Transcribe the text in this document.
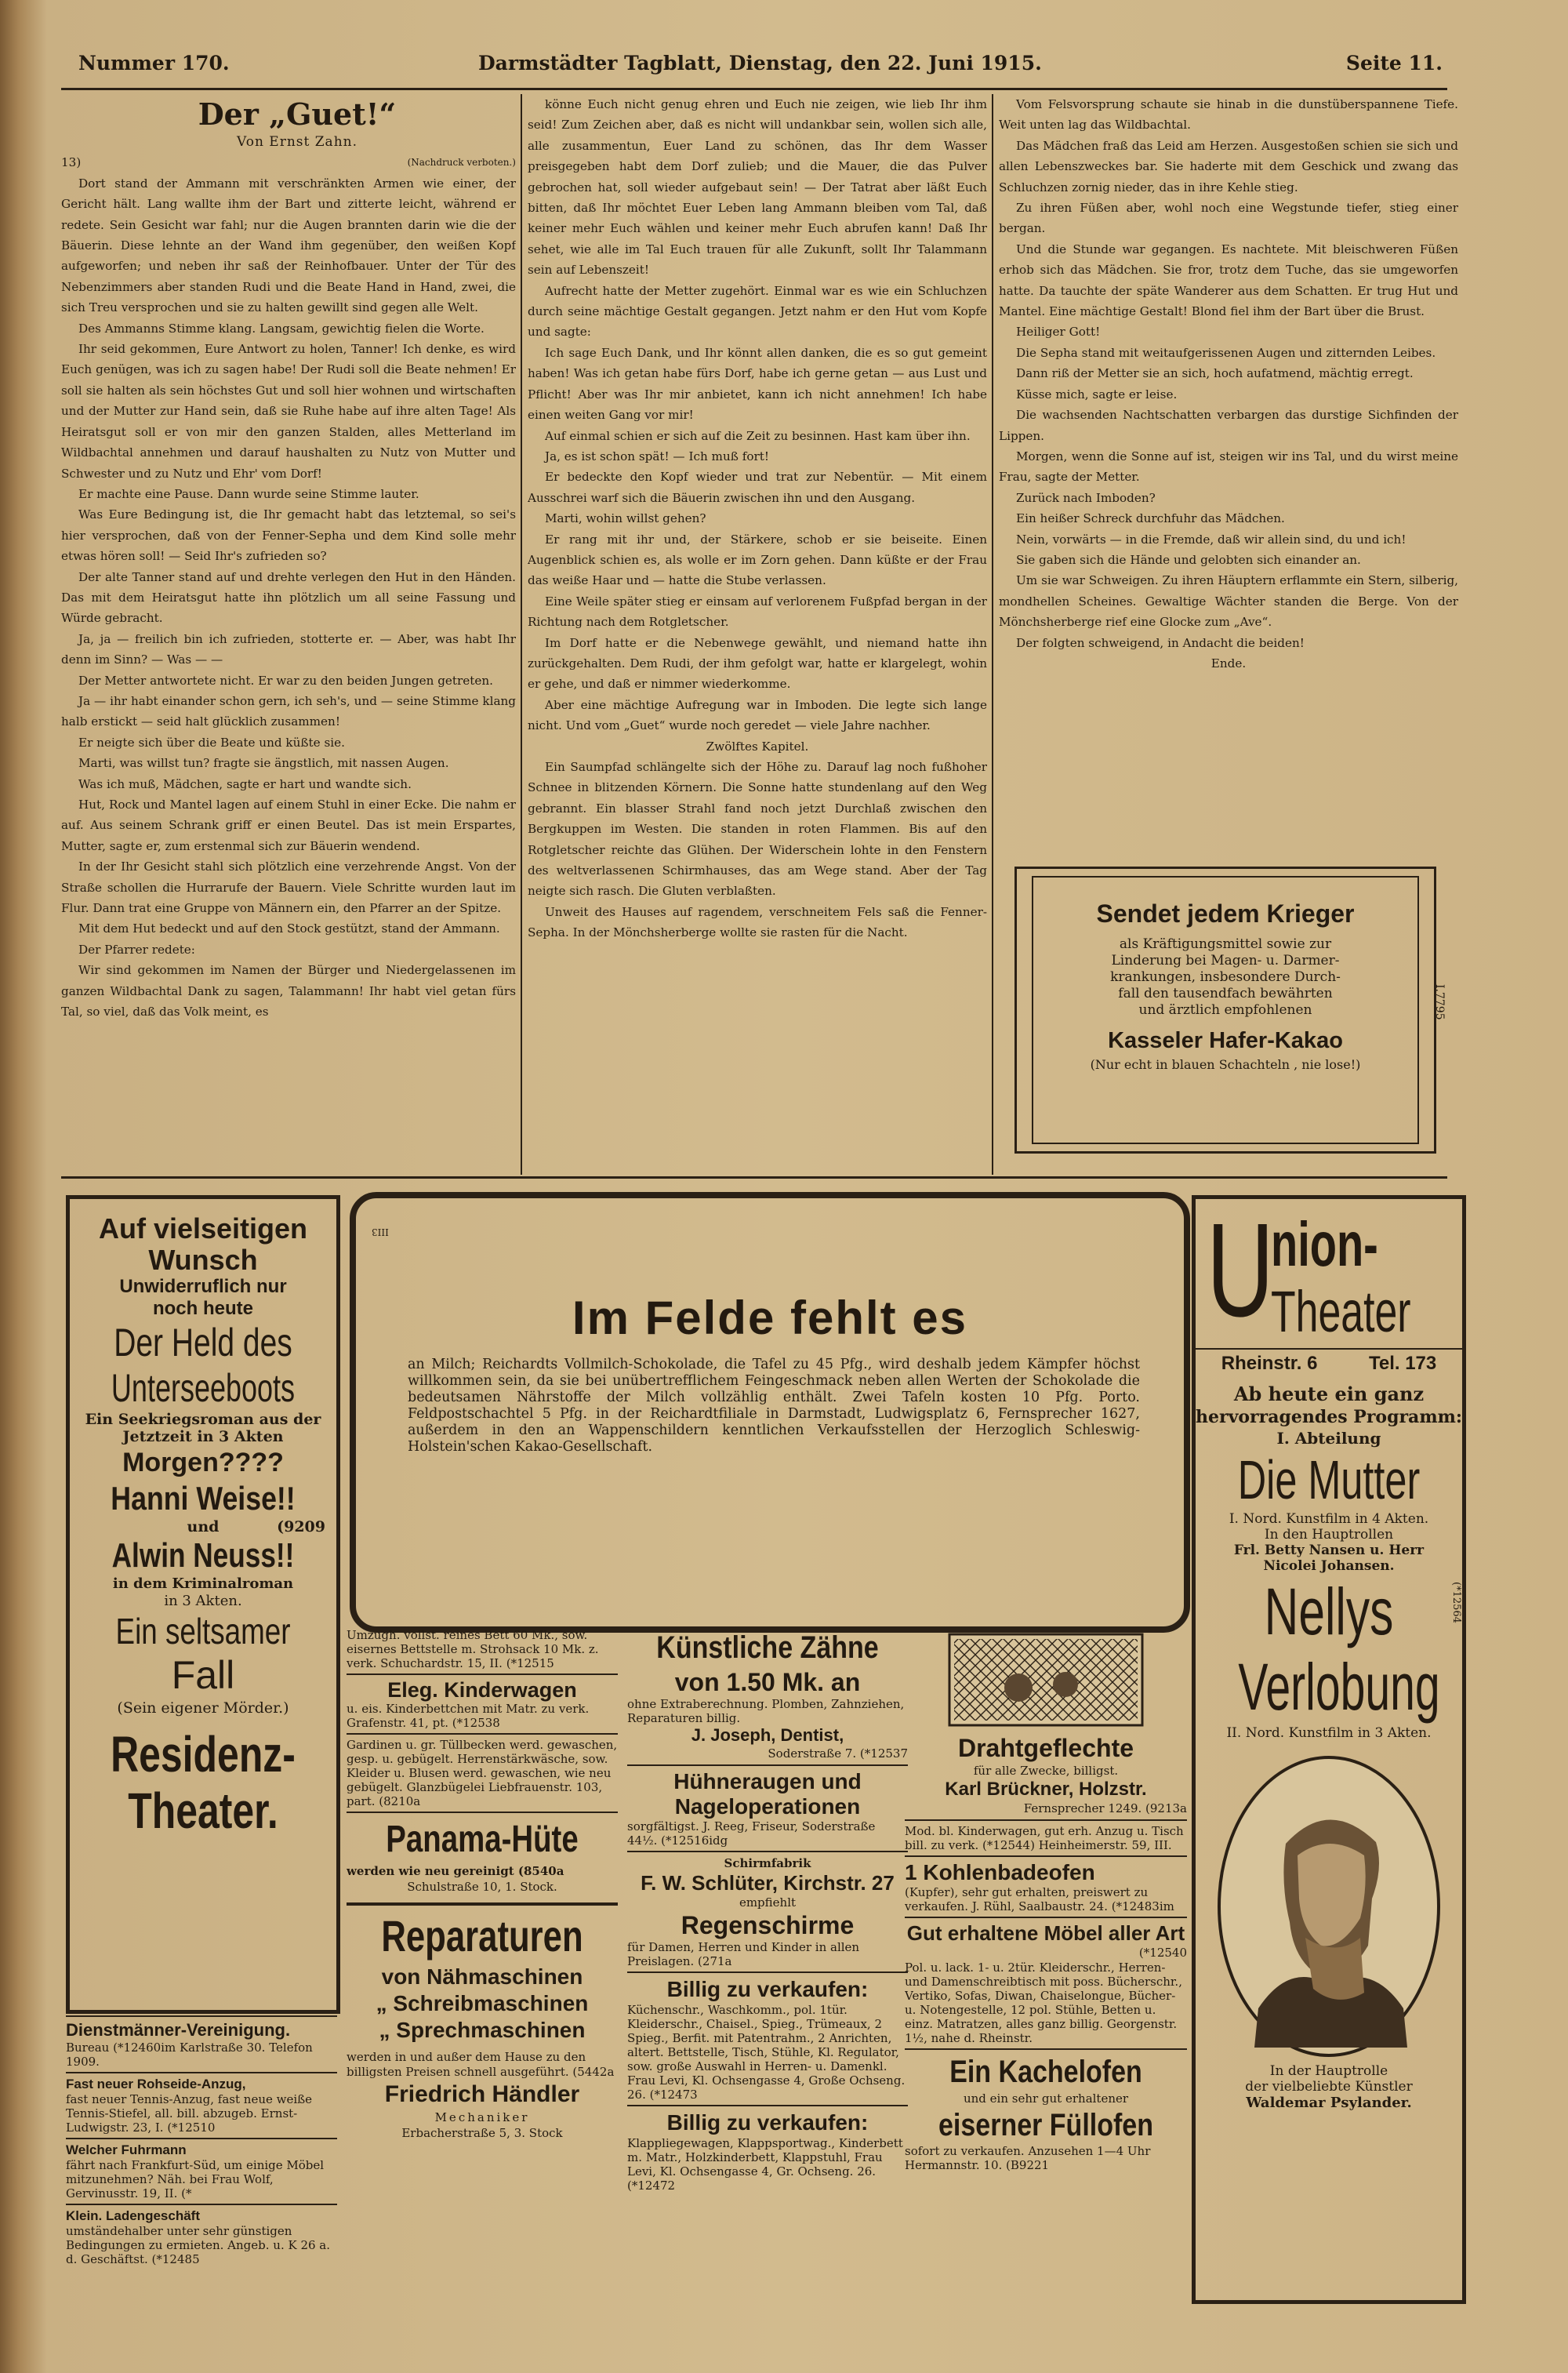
Nummer 170.	Darmstädter Tagblatt, Dienstag, den 22. Juni 1915.	Seite 11.

Der „Guet!“

Von Ernst Zahn.

13)	(Nachdruck verboten.)

Dort stand der Ammann mit verschränkten Armen wie einer, der Gericht hält. Lang wallte ihm der Bart und zitterte leicht, während er redete. Sein Gesicht war fahl; nur die Augen brannten darin wie die der Bäuerin. Diese lehnte an der Wand ihm gegenüber, den weißen Kopf aufgeworfen; und neben ihr saß der Reinhofbauer. Unter der Tür des Nebenzimmers aber standen Rudi und die Beate Hand in Hand, zwei, die sich Treu versprochen und sie zu halten gewillt sind gegen alle Welt.

Des Ammanns Stimme klang. Langsam, gewichtig fielen die Worte.

Ihr seid gekommen, Eure Antwort zu holen, Tanner! Ich denke, es wird Euch genügen, was ich zu sagen habe! Der Rudi soll die Beate nehmen! Er soll sie halten als sein höchstes Gut und soll hier wohnen und wirtschaften und der Mutter zur Hand sein, daß sie Ruhe habe auf ihre alten Tage! Als Heiratsgut soll er von mir den ganzen Stalden, alles Metterland im Wildbachtal annehmen und darauf haushalten zu Nutz von Mutter und Schwester und zu Nutz und Ehr' vom Dorf!

Er machte eine Pause. Dann wurde seine Stimme lauter.

Was Eure Bedingung ist, die Ihr gemacht habt das letztemal, so sei's hier versprochen, daß von der Fenner-Sepha und dem Kind solle mehr etwas hören soll! — Seid Ihr's zufrieden so?

Der alte Tanner stand auf und drehte verlegen den Hut in den Händen. Das mit dem Heiratsgut hatte ihn plötzlich um all seine Fassung und Würde gebracht.

Ja, ja — freilich bin ich zufrieden, stotterte er. — Aber, was habt Ihr denn im Sinn? — Was — —

Der Metter antwortete nicht. Er war zu den beiden Jungen getreten.

Ja — ihr habt einander schon gern, ich seh's, und — seine Stimme klang halb erstickt — seid halt glücklich zusammen!

Er neigte sich über die Beate und küßte sie.

Marti, was willst tun? fragte sie ängstlich, mit nassen Augen.

Was ich muß, Mädchen, sagte er hart und wandte sich.

Hut, Rock und Mantel lagen auf einem Stuhl in einer Ecke. Die nahm er auf. Aus seinem Schrank griff er einen Beutel. Das ist mein Erspartes, Mutter, sagte er, zum erstenmal sich zur Bäuerin wendend.

In der Ihr Gesicht stahl sich plötzlich eine verzehrende Angst. Von der Straße schollen die Hurrarufe der Bauern. Viele Schritte wurden laut im Flur. Dann trat eine Gruppe von Männern ein, den Pfarrer an der Spitze.

Mit dem Hut bedeckt und auf den Stock gestützt, stand der Ammann.

Der Pfarrer redete:

Wir sind gekommen im Namen der Bürger und Niedergelassenen im ganzen Wildbachtal Dank zu sagen, Talammann! Ihr habt viel getan fürs Tal, so viel, daß das Volk meint, es

könne Euch nicht genug ehren und Euch nie zeigen, wie lieb Ihr ihm seid! Zum Zeichen aber, daß es nicht will undankbar sein, wollen sich alle, alle zusammentun, Euer Land zu schönen, das Ihr dem Wasser preisgegeben habt dem Dorf zulieb; und die Mauer, die das Pulver gebrochen hat, soll wieder aufgebaut sein! — Der Tatrat aber läßt Euch bitten, daß Ihr möchtet Euer Leben lang Ammann bleiben vom Tal, daß keiner mehr Euch wählen und keiner mehr Euch abrufen kann! Daß Ihr sehet, wie alle im Tal Euch trauen für alle Zukunft, sollt Ihr Talammann sein auf Lebenszeit!

Aufrecht hatte der Metter zugehört. Einmal war es wie ein Schluchzen durch seine mächtige Gestalt gegangen. Jetzt nahm er den Hut vom Kopfe und sagte:

Ich sage Euch Dank, und Ihr könnt allen danken, die es so gut gemeint haben! Was ich getan habe fürs Dorf, habe ich gerne getan — aus Lust und Pflicht! Aber was Ihr mir anbietet, kann ich nicht annehmen! Ich habe einen weiten Gang vor mir!

Auf einmal schien er sich auf die Zeit zu besinnen. Hast kam über ihn.

Ja, es ist schon spät! — Ich muß fort!

Er bedeckte den Kopf wieder und trat zur Nebentür. — Mit einem Ausschrei warf sich die Bäuerin zwischen ihn und den Ausgang.

Marti, wohin willst gehen?

Er rang mit ihr und, der Stärkere, schob er sie beiseite. Einen Augenblick schien es, als wolle er im Zorn gehen. Dann küßte er der Frau das weiße Haar und — hatte die Stube verlassen.

Eine Weile später stieg er einsam auf verlorenem Fußpfad bergan in der Richtung nach dem Rotgletscher.

Im Dorf hatte er die Nebenwege gewählt, und niemand hatte ihn zurückgehalten. Dem Rudi, der ihm gefolgt war, hatte er klargelegt, wohin er gehe, und daß er nimmer wiederkomme.

Aber eine mächtige Aufregung war in Imboden. Die legte sich lange nicht. Und vom „Guet“ wurde noch geredet — viele Jahre nachher.

Zwölftes Kapitel.

Ein Saumpfad schlängelte sich der Höhe zu. Darauf lag noch fußhoher Schnee in blitzenden Körnern. Die Sonne hatte stundenlang auf den Weg gebrannt. Ein blasser Strahl fand noch jetzt Durchlaß zwischen den Bergkuppen im Westen. Die standen in roten Flammen. Bis auf den Rotgletscher reichte das Glühen. Der Widerschein lohte in den Fenstern des weltverlassenen Schirmhauses, das am Wege stand. Aber der Tag neigte sich rasch. Die Gluten verblaßten.

Unweit des Hauses auf ragendem, verschneitem Fels saß die Fenner-Sepha. In der Mönchsherberge wollte sie rasten für die Nacht.

Vom Felsvorsprung schaute sie hinab in die dunstüberspannene Tiefe. Weit unten lag das Wildbachtal.

Das Mädchen fraß das Leid am Herzen. Ausgestoßen schien sie sich und allen Lebenszweckes bar. Sie haderte mit dem Geschick und zwang das Schluchzen zornig nieder, das in ihre Kehle stieg.

Zu ihren Füßen aber, wohl noch eine Wegstunde tiefer, stieg einer bergan.

Und die Stunde war gegangen. Es nachtete. Mit bleischweren Füßen erhob sich das Mädchen. Sie fror, trotz dem Tuche, das sie umgeworfen hatte. Da tauchte der späte Wanderer aus dem Schatten. Er trug Hut und Mantel. Eine mächtige Gestalt! Blond fiel ihm der Bart über die Brust.

Heiliger Gott!

Die Sepha stand mit weitaufgerissenen Augen und zitternden Leibes.

Dann riß der Metter sie an sich, hoch aufatmend, mächtig erregt.

Küsse mich, sagte er leise.

Die wachsenden Nachtschatten verbargen das durstige Sichfinden der Lippen.

Morgen, wenn die Sonne auf ist, steigen wir ins Tal, und du wirst meine Frau, sagte der Metter.

Zurück nach Imboden?

Ein heißer Schreck durchfuhr das Mädchen.

Nein, vorwärts — in die Fremde, daß wir allein sind, du und ich!

Sie gaben sich die Hände und gelobten sich einander an.

Um sie war Schweigen. Zu ihren Häuptern erflammte ein Stern, silberig, mondhellen Scheines. Gewaltige Wächter standen die Berge. Von der Mönchsherberge rief eine Glocke zum „Ave“.

Der folgten schweigend, in Andacht die beiden!

Ende.

Sendet jedem Krieger
als Kräftigungsmittel sowie zur
Linderung bei Magen- u. Darmer-
krankungen, insbesondere Durch-
fall den tausendfach bewährten
und ärztlich empfohlenen
Kasseler Hafer-Kakao
(Nur echt in blauen Schachteln , nie lose!)
I.7795
Auf vielseitigen
Wunsch
Unwiderruflich nur
noch heute
Der Held des
Unterseeboots
Ein Seekriegsroman aus der
Jetztzeit in 3 Akten
Morgen????
Hanni Weise!!
und	(9209
Alwin Neuss!!
in dem Kriminalroman
in 3 Akten.
Ein seltsamer
Fall
(Sein eigener Mörder.)
Residenz-
Theater.
Dienstmänner-Vereinigung.
Bureau (*12460im Karlstraße 30. Telefon 1909.
Fast neuer Rohseide-Anzug,
fast neuer Tennis-Anzug, fast neue weiße Tennis-Stiefel, all. bill. abzugeb. Ernst-Ludwigstr. 23, I. (*12510
Welcher Fuhrmann
fährt nach Frankfurt-Süd, um einige Möbel mitzunehmen? Näh. bei Frau Wolf, Gervinusstr. 19, II. (*
Klein. Ladengeschäft
umständehalber unter sehr günstigen Bedingungen zu ermieten. Angeb. u. K 26 a. d. Geschäftst. (*12485
III3
Im Felde fehlt es
an Milch; Reichardts Vollmilch-Schokolade, die Tafel zu 45 Pfg., wird deshalb jedem Kämpfer höchst willkommen sein, da sie bei unübertrefflichem Feingeschmack neben allen Werten der Schokolade die bedeutsamen Nährstoffe der Milch vollzählig enthält. Zwei Tafeln kosten 10 Pfg. Porto. Feldpostschachtel 5 Pfg. in der Reichardtfiliale in Darmstadt, Ludwigsplatz 6, Fernsprecher 1627, außerdem in den an Wappenschildern kenntlichen Verkaufsstellen der Herzoglich Schleswig-Holstein'schen Kakao-Gesellschaft.
Umzugh. vollst. reines Bett 60 Mk., sow. eisernes Bettstelle m. Strohsack 10 Mk. z. verk. Schuchardstr. 15, II. (*12515
Eleg. Kinderwagen
u. eis. Kinderbettchen mit Matr. zu verk. Grafenstr. 41, pt. (*12538
Gardinen u. gr. Tüllbecken werd. gewaschen, gesp. u. gebügelt. Herrenstärkwäsche, sow. Kleider u. Blusen werd. gewaschen, wie neu gebügelt. Glanzbügelei Liebfrauenstr. 103, part. (8210a
Panama-Hüte
werden wie neu gereinigt (8540a
Schulstraße 10, 1. Stock.
Reparaturen
von Nähmaschinen
„ Schreibmaschinen
„ Sprechmaschinen
werden in und außer dem Hause zu den billigsten Preisen schnell ausgeführt. (5442a
Friedrich Händler
Mechaniker
Erbacherstraße 5, 3. Stock
Künstliche Zähne
von 1.50 Mk. an
ohne Extraberechnung. Plomben, Zahnziehen, Reparaturen billig.
J. Joseph, Dentist,
Soderstraße 7. (*12537
Hühneraugen und Nageloperationen
sorgfältigst. J. Reeg, Friseur, Soderstraße 44½. (*12516idg
Schirmfabrik
F. W. Schlüter, Kirchstr. 27
empfiehlt
Regenschirme
für Damen, Herren und Kinder in allen Preislagen. (271a
Billig zu verkaufen:
Küchenschr., Waschkomm., pol. 1tür. Kleiderschr., Chaisel., Spieg., Trümeaux, 2 Spieg., Berfit. mit Patentrahm., 2 Anrichten, altert. Bettstelle, Tisch, Stühle, Kl. Regulator, sow. große Auswahl in Herren- u. Damenkl. Frau Levi, Kl. Ochsengasse 4, Große Ochseng. 26. (*12473
Billig zu verkaufen:
Klappliegewagen, Klappsportwag., Kinderbett m. Matr., Holzkinderbett, Klappstuhl, Frau Levi, Kl. Ochsengasse 4, Gr. Ochseng. 26. (*12472
Drahtgeflechte
für alle Zwecke, billigst.
Karl Brückner, Holzstr.
Fernsprecher 1249. (9213a
Mod. bl. Kinderwagen, gut erh. Anzug u. Tisch bill. zu verk. (*12544) Heinheimerstr. 59, III.
1 Kohlenbadeofen
(Kupfer), sehr gut erhalten, preiswert zu verkaufen. J. Rühl, Saalbaustr. 24. (*12483im
Gut erhaltene Möbel aller Art
(*12540
Pol. u. lack. 1- u. 2tür. Kleiderschr., Herren- und Damenschreibtisch mit poss. Bücherschr., Vertiko, Sofas, Diwan, Chaiselongue, Bücher- u. Notengestelle, 12 pol. Stühle, Betten u. einz. Matratzen, alles ganz billig. Georgenstr. 1½, nahe d. Rheinstr.
Ein Kachelofen
und ein sehr gut erhaltener
eiserner Füllofen
sofort zu verkaufen. Anzusehen 1—4 Uhr Hermannstr. 10. (B9221
U
nion-
Theater
Rheinstr. 6	Tel. 173
Ab heute ein ganz
hervorragendes Programm:
I. Abteilung
Die Mutter
I. Nord. Kunstfilm in 4 Akten.
In den Hauptrollen
Frl. Betty Nansen u. Herr
Nicolei Johansen.
Nellys	(*12564
Verlobung
II. Nord. Kunstfilm in 3 Akten.
In der Hauptrolle
der vielbeliebte Künstler
Waldemar Psylander.
